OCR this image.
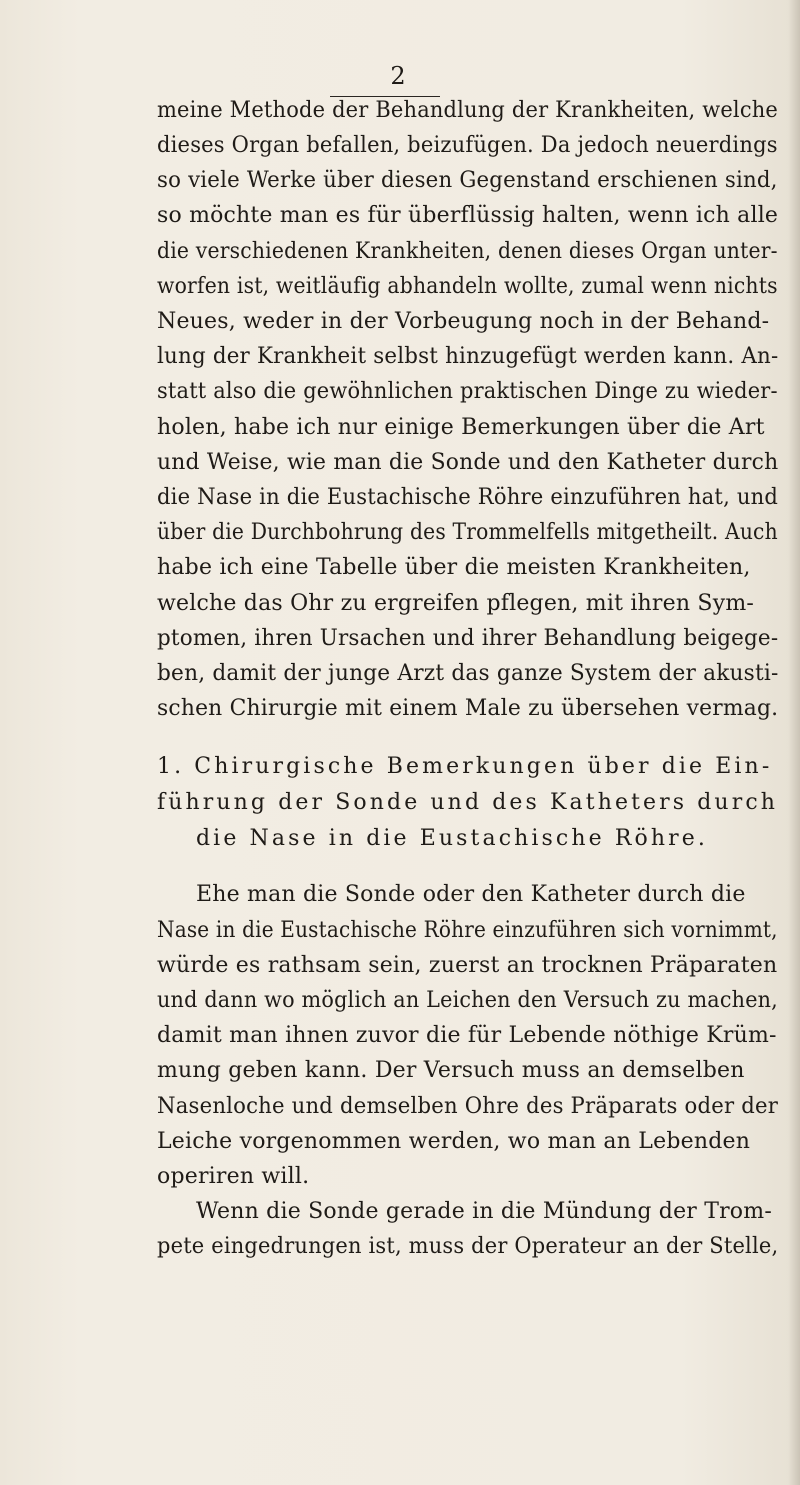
2
meine Methode der Behandlung der Krankheiten, welche
dieses Organ befallen, beizufügen. Da jedoch neuerdings
so viele Werke über diesen Gegenstand erschienen sind,
so möchte man es für überflüssig halten, wenn ich alle
die verschiedenen Krankheiten, denen dieses Organ unter-
worfen ist, weitläufig abhandeln wollte, zumal wenn nichts
Neues, weder in der Vorbeugung noch in der Behand-
lung der Krankheit selbst hinzugefügt werden kann. An-
statt also die gewöhnlichen praktischen Dinge zu wieder-
holen, habe ich nur einige Bemerkungen über die Art
und Weise, wie man die Sonde und den Katheter durch
die Nase in die Eustachische Röhre einzuführen hat, und
über die Durchbohrung des Trommelfells mitgetheilt. Auch
habe ich eine Tabelle über die meisten Krankheiten,
welche das Ohr zu ergreifen pflegen, mit ihren Sym-
ptomen, ihren Ursachen und ihrer Behandlung beigege-
ben, damit der junge Arzt das ganze System der akusti-
schen Chirurgie mit einem Male zu übersehen vermag.
1. Chirurgische Bemerkungen über die Ein-
führung der Sonde und des Katheters durch
die Nase in die Eustachische Röhre.
Ehe man die Sonde oder den Katheter durch die
Nase in die Eustachische Röhre einzuführen sich vornimmt,
würde es rathsam sein, zuerst an trocknen Präparaten
und dann wo möglich an Leichen den Versuch zu machen,
damit man ihnen zuvor die für Lebende nöthige Krüm-
mung geben kann. Der Versuch muss an demselben
Nasenloche und demselben Ohre des Präparats oder der
Leiche vorgenommen werden, wo man an Lebenden
operiren will.
Wenn die Sonde gerade in die Mündung der Trom-
pete eingedrungen ist, muss der Operateur an der Stelle,
